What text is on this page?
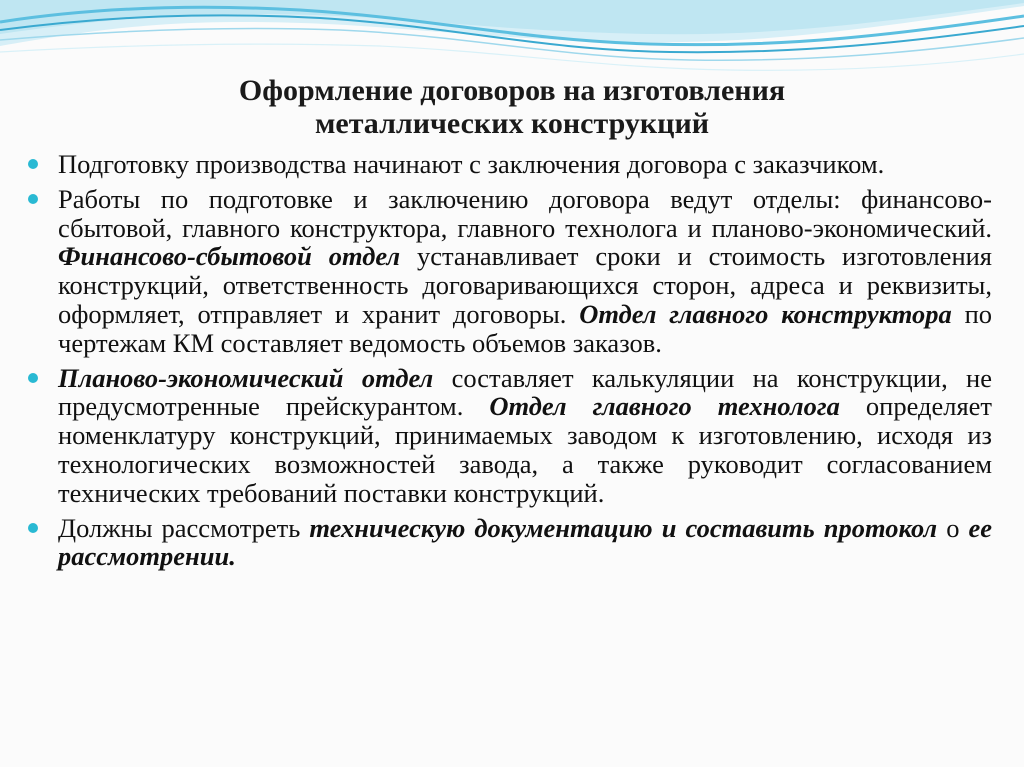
Оформление договоров на изготовления
металлических конструкций
Подготовку производства начинают с заключения договора с заказчиком.
Работы по подготовке и заключению договора ведут отделы: финансово-сбытовой, главного конструктора, главного технолога и планово-экономический. Финансово-сбытовой отдел устанавливает сроки и стоимость изготовления конструкций, ответственность договаривающихся сторон, адреса и реквизиты, оформляет, отправляет и хранит договоры. Отдел главного конструктора по чертежам КМ составляет ведомость объемов заказов.
Планово-экономический отдел составляет калькуляции на конструкции, не предусмотренные прейскурантом. Отдел главного технолога определяет номенклатуру конструкций, принимаемых заводом к изготовлению, исходя из технологических возможностей завода, а также руководит согласованием технических требований поставки конструкций.
Должны рассмотреть техническую документацию и составить протокол о ее рассмотрении.
